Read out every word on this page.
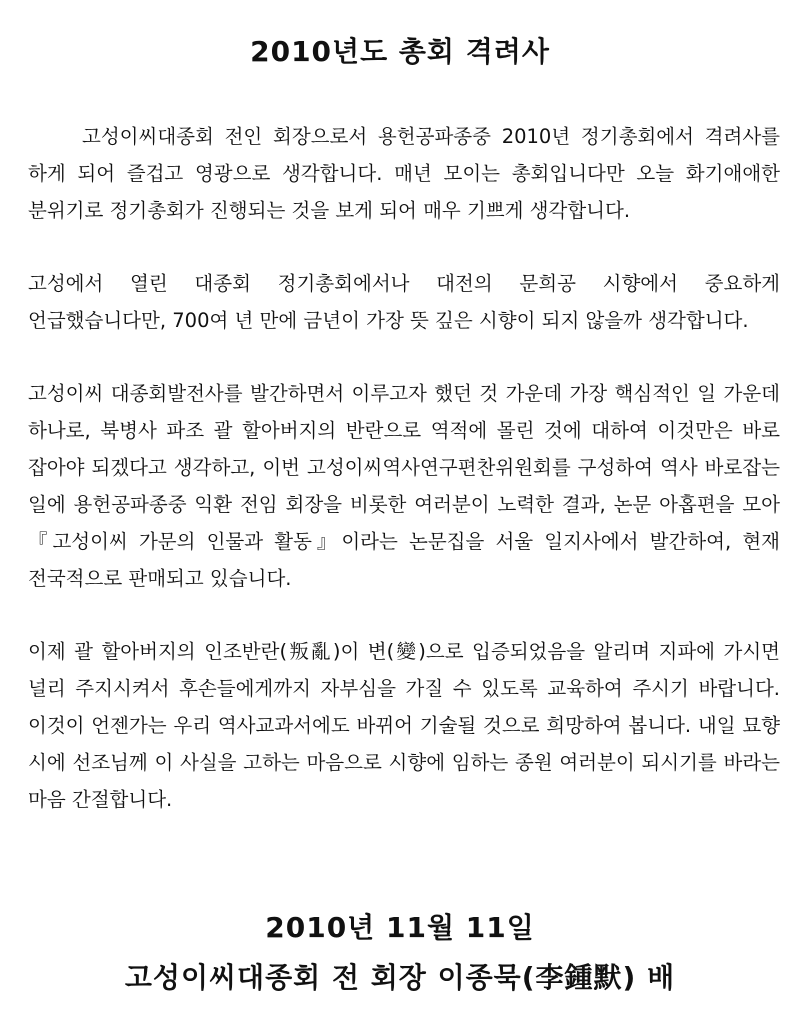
2010년도 총회 격려사

고성이씨대종회 전인 회장으로서 용헌공파종중 2010년 정기총회에서 격려사를 하게 되어 즐겁고 영광으로 생각합니다. 매년 모이는 총회입니다만 오늘 화기애애한 분위기로 정기총회가 진행되는 것을 보게 되어 매우 기쁘게 생각합니다.

고성에서 열린 대종회 정기총회에서나 대전의 문희공 시향에서 중요하게 언급했습니다만, 700여 년 만에 금년이 가장 뜻 깊은 시향이 되지 않을까 생각합니다.

고성이씨 대종회발전사를 발간하면서 이루고자 했던 것 가운데 가장 핵심적인 일 가운데 하나로, 북병사 파조 괄 할아버지의 반란으로 역적에 몰린 것에 대하여 이것만은 바로 잡아야 되겠다고 생각하고, 이번 고성이씨역사연구편찬위원회를 구성하여 역사 바로잡는 일에 용헌공파종중 익환 전임 회장을 비롯한 여러분이 노력한 결과, 논문 아홉편을 모아 『고성이씨 가문의 인물과 활동』이라는 논문집을 서울 일지사에서 발간하여, 현재 전국적으로 판매되고 있습니다.

이제 괄 할아버지의 인조반란(叛亂)이 변(變)으로 입증되었음을 알리며 지파에 가시면 널리 주지시켜서 후손들에게까지 자부심을 가질 수 있도록 교육하여 주시기 바랍니다. 이것이 언젠가는 우리 역사교과서에도 바뀌어 기술될 것으로 희망하여 봅니다. 내일 묘향 시에 선조님께 이 사실을 고하는 마음으로 시향에 임하는 종원 여러분이 되시기를 바라는 마음 간절합니다.

2010년 11월 11일

고성이씨대종회 전 회장 이종묵(李鍾默) 배
